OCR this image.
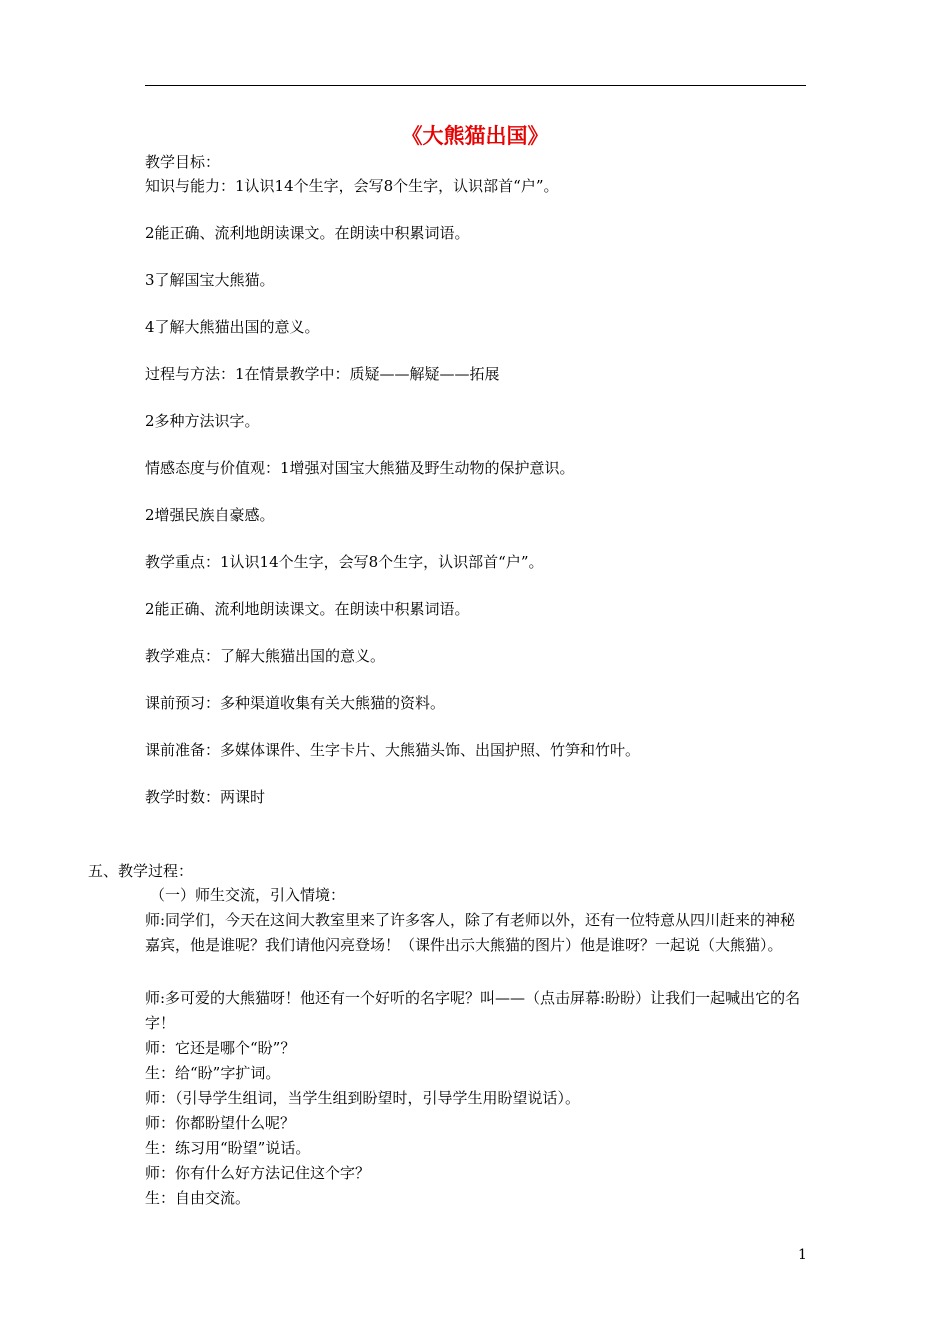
《大熊猫出国》
教学目标：
知识与能力：1认识14个生字，会写8个生字，认识部首“户”。
2能正确、流利地朗读课文。在朗读中积累词语。
3了解国宝大熊猫。
4了解大熊猫出国的意义。
过程与方法：1在情景教学中：质疑——解疑——拓展
2多种方法识字。
情感态度与价值观：1增强对国宝大熊猫及野生动物的保护意识。
2增强民族自豪感。
教学重点：1认识14个生字，会写8个生字，认识部首“户”。
2能正确、流利地朗读课文。在朗读中积累词语。
教学难点：了解大熊猫出国的意义。
课前预习：多种渠道收集有关大熊猫的资料。
课前准备：多媒体课件、生字卡片、大熊猫头饰、出国护照、竹笋和竹叶。
教学时数：两课时
五、教学过程：
（一）师生交流，引入情境：
师:同学们，今天在这间大教室里来了许多客人，除了有老师以外，还有一位特意从四川赶来的神秘嘉宾，他是谁呢？我们请他闪亮登场！（课件出示大熊猫的图片）他是谁呀？一起说（大熊猫）。
师:多可爱的大熊猫呀！他还有一个好听的名字呢？叫——（点击屏幕:盼盼）让我们一起喊出它的名字！
师：它还是哪个“盼”？
生：给“盼”字扩词。
师：（引导学生组词，当学生组到盼望时，引导学生用盼望说话）。
师：你都盼望什么呢？
生：练习用“盼望”说话。
师：你有什么好方法记住这个字？
生：自由交流。
1
